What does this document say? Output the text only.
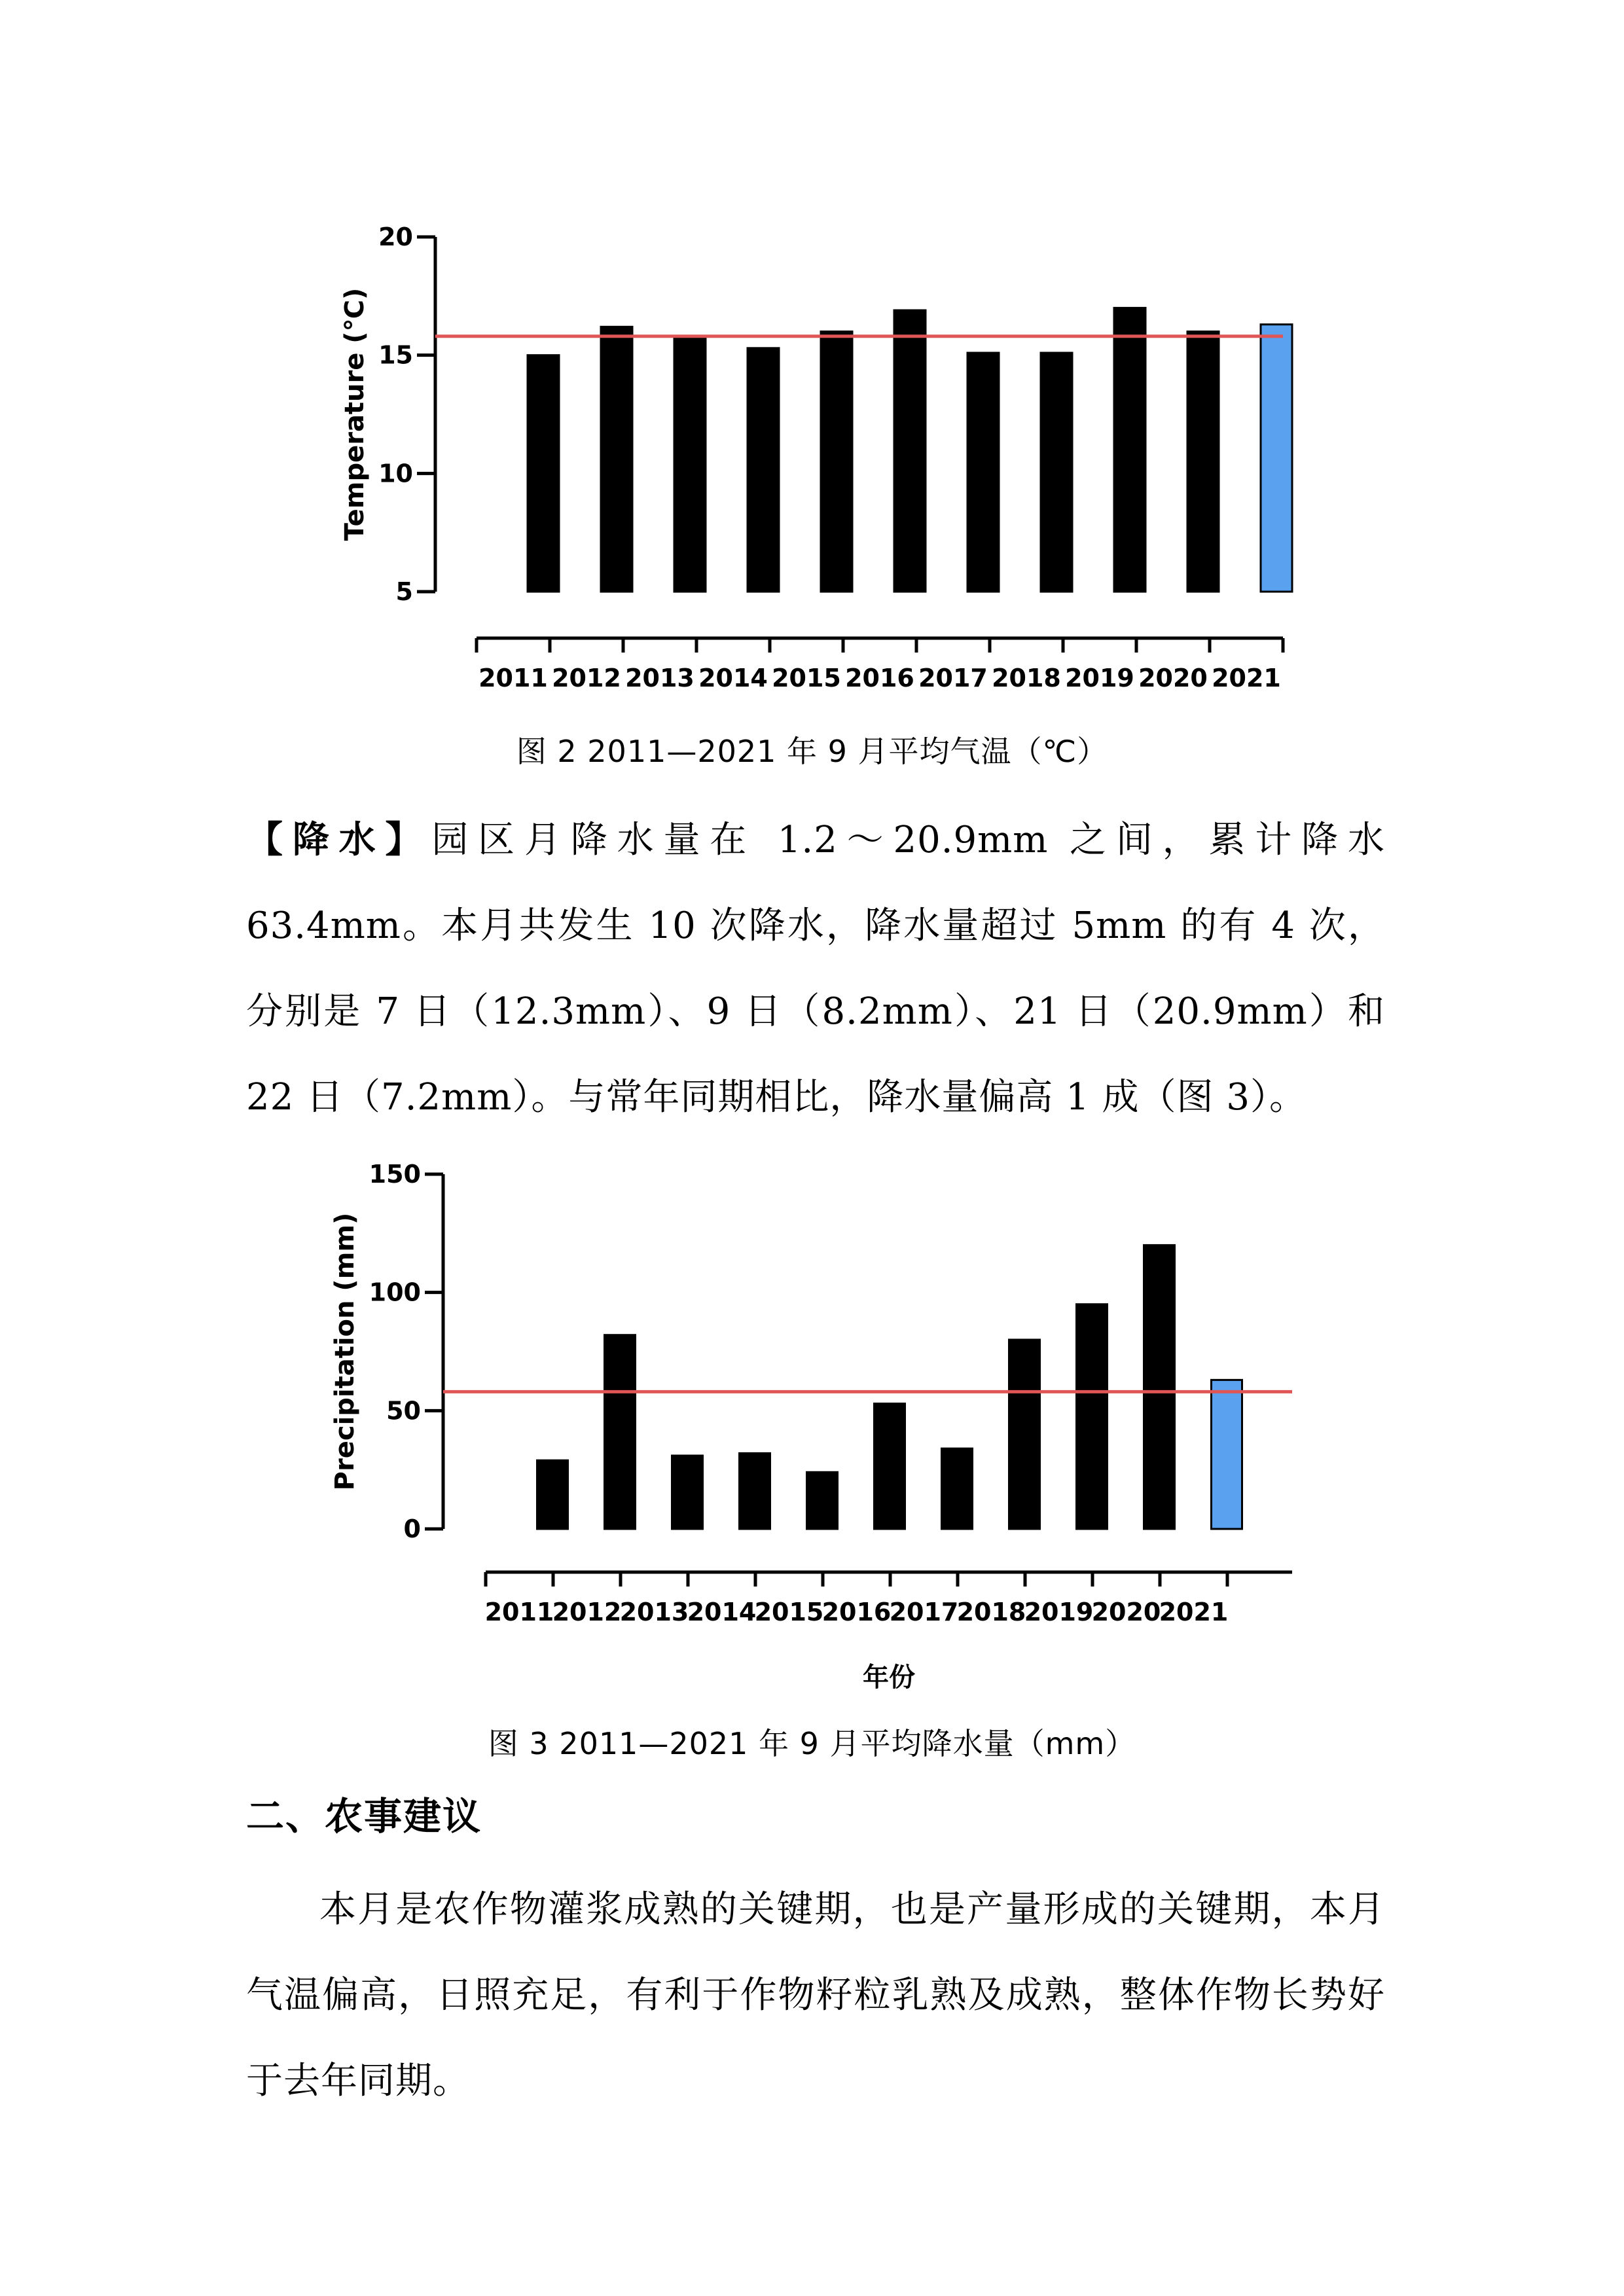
5
10
15
20
Temperature (℃)
2011 2012 2013 2014 2015 2016 2017 2018 2019 2020 2021
图 2 2011—2021 年 9 月平均气温（℃）
【降水】园区月降水量在 1.2～20.9mm 之间，累计降水 63.4mm。本月共发生 10 次降水，降水量超过 5mm 的有 4 次，分别是 7 日（12.3mm）、9 日（8.2mm）、21 日（20.9mm）和 22 日（7.2mm）。与常年同期相比，降水量偏高 1 成（图 3）。
0
50
100
150
Precipitation (mm)
2011
2012
2013
2014
2015
2016
2017
2018
2019
2020
2021
年份
图 3 2011—2021 年 9 月平均降水量（mm）
二、农事建议
本月是农作物灌浆成熟的关键期，也是产量形成的关键期，本月气温偏高，日照充足，有利于作物籽粒乳熟及成熟，整体作物长势好于去年同期。
